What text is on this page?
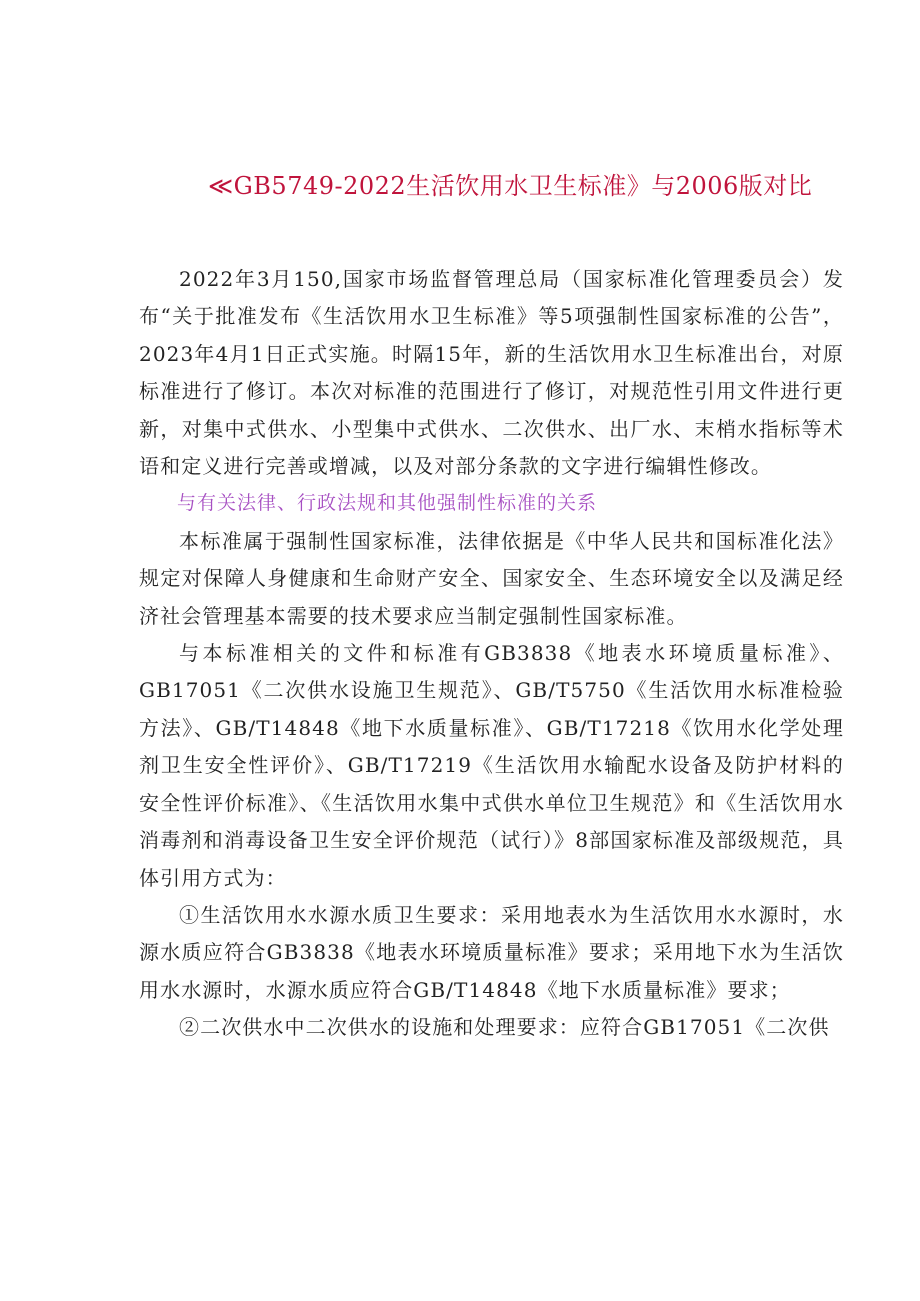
≪GB5749-2022生活饮用水卫生标准》与2006版对比

2022年3月150,国家市场监督管理总局（国家标准化管理委员会）发布“关于批准发布《生活饮用水卫生标准》等5项强制性国家标准的公告”，2023年4月1日正式实施。时隔15年，新的生活饮用水卫生标准出台，对原标准进行了修订。本次对标准的范围进行了修订，对规范性引用文件进行更新，对集中式供水、小型集中式供水、二次供水、出厂水、末梢水指标等术语和定义进行完善或增减，以及对部分条款的文字进行编辑性修改。

与有关法律、行政法规和其他强制性标准的关系

本标准属于强制性国家标准，法律依据是《中华人民共和国标准化法》规定对保障人身健康和生命财产安全、国家安全、生态环境安全以及满足经济社会管理基本需要的技术要求应当制定强制性国家标准。

与本标准相关的文件和标准有GB3838《地表水环境质量标准》、GB17051《二次供水设施卫生规范》、GB/T5750《生活饮用水标准检验方法》、GB/T14848《地下水质量标准》、GB/T17218《饮用水化学处理剂卫生安全性评价》、GB/T17219《生活饮用水输配水设备及防护材料的安全性评价标准》、《生活饮用水集中式供水单位卫生规范》和《生活饮用水消毒剂和消毒设备卫生安全评价规范（试行）》8部国家标准及部级规范，具体引用方式为：

①生活饮用水水源水质卫生要求：采用地表水为生活饮用水水源时，水源水质应符合GB3838《地表水环境质量标准》要求；采用地下水为生活饮用水水源时，水源水质应符合GB/T14848《地下水质量标准》要求；

②二次供水中二次供水的设施和处理要求：应符合GB17051《二次供
